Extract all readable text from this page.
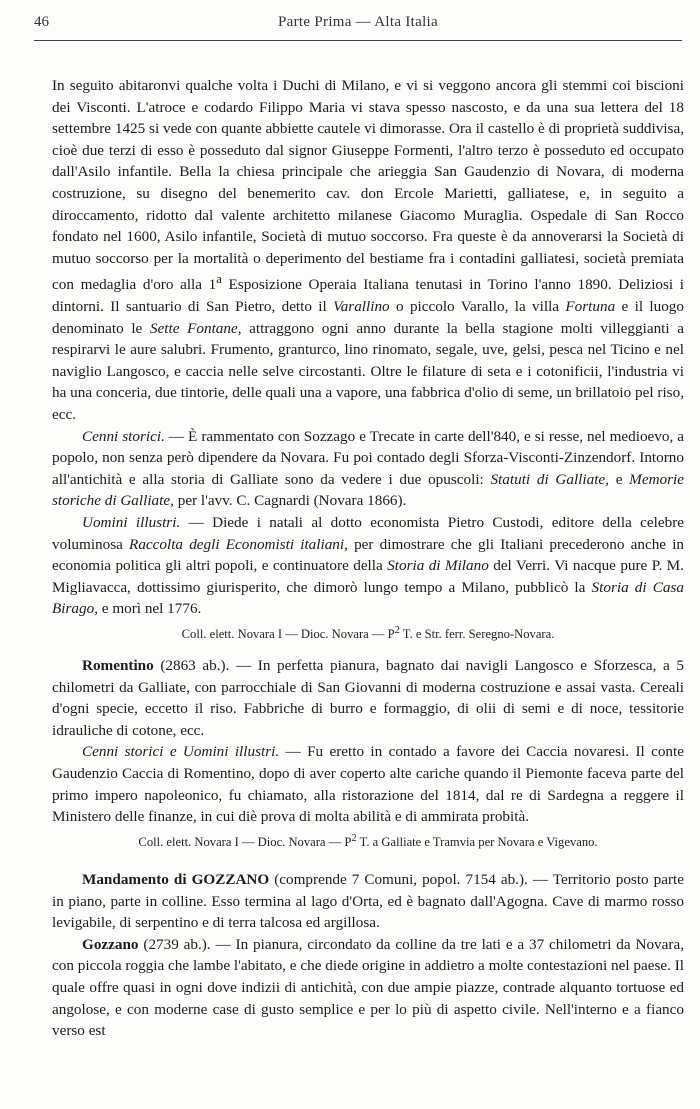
46	Parte Prima — Alta Italia

In seguito abitaronvi qualche volta i Duchi di Milano, e vi si veggono ancora gli stemmi coi biscioni dei Visconti. L'atroce e codardo Filippo Maria vi stava spesso nascosto, e da una sua lettera del 18 settembre 1425 si vede con quante abbiette cautele vi dimorasse. Ora il castello è di proprietà suddivisa, cioè due terzi di esso è posseduto dal signor Giuseppe Formenti, l'altro terzo è posseduto ed occupato dall'Asilo infantile. Bella la chiesa principale che arieggia San Gaudenzio di Novara, di moderna costruzione, su disegno del benemerito cav. don Ercole Marietti, galliatese, e, in seguito a diroccamento, ridotto dal valente architetto milanese Giacomo Muraglia. Ospedale di San Rocco fondato nel 1600, Asilo infantile, Società di mutuo soccorso. Fra queste è da annoverarsi la Società di mutuo soccorso per la mortalità o deperimento del bestiame fra i contadini galliatesi, società premiata con medaglia d'oro alla 1$^a$ Esposizione Operaia Italiana tenutasi in Torino l'anno 1890. Deliziosi i dintorni. Il santuario di San Pietro, detto il Varallino o piccolo Varallo, la villa Fortuna e il luogo denominato le Sette Fontane, attraggono ogni anno durante la bella stagione molti villeggianti a respirarvi le aure salubri. Frumento, granturco, lino rinomato, segale, uve, gelsi, pesca nel Ticino e nel naviglio Langosco, e caccia nelle selve circostanti. Oltre le filature di seta e i cotonificii, l'industria vi ha una conceria, due tintorie, delle quali una a vapore, una fabbrica d'olio di seme, un brillatoio pel riso, ecc.

Cenni storici. — È rammentato con Sozzago e Trecate in carte dell'840, e si resse, nel medioevo, a popolo, non senza però dipendere da Novara. Fu poi contado degli Sforza-Visconti-Zinzendorf. Intorno all'antichità e alla storia di Galliate sono da vedere i due opuscoli: Statuti di Galliate, e Memorie storiche di Galliate, per l'avv. C. Cagnardi (Novara 1866).

Uomini illustri. — Diede i natali al dotto economista Pietro Custodi, editore della celebre voluminosa Raccolta degli Economisti italiani, per dimostrare che gli Italiani precederono anche in economia politica gli altri popoli, e continuatore della Storia di Milano del Verri. Vi nacque pure P. M. Migliavacca, dottissimo giurisperito, che dimorò lungo tempo a Milano, pubblicò la Storia di Casa Birago, e morì nel 1776.

Coll. elett. Novara I — Dioc. Novara — $P^2$ T. e Str. ferr. Seregno-Novara.

Romentino (2863 ab.). — In perfetta pianura, bagnato dai navigli Langosco e Sforzesca, a 5 chilometri da Galliate, con parrocchiale di San Giovanni di moderna costruzione e assai vasta. Cereali d'ogni specie, eccetto il riso. Fabbriche di burro e formaggio, di olii di semi e di noce, tessitorie idrauliche di cotone, ecc.

Cenni storici e Uomini illustri. — Fu eretto in contado a favore dei Caccia novaresi. Il conte Gaudenzio Caccia di Romentino, dopo di aver coperto alte cariche quando il Piemonte faceva parte del primo impero napoleonico, fu chiamato, alla ristorazione del 1814, dal re di Sardegna a reggere il Ministero delle finanze, in cui diè prova di molta abilità e di ammirata probità.

Coll. elett. Novara I — Dioc. Novara — $P^2$ T. a Galliate e Tramvia per Novara e Vigevano.

Mandamento di GOZZANO (comprende 7 Comuni, popol. 7154 ab.). — Territorio posto parte in piano, parte in colline. Esso termina al lago d'Orta, ed è bagnato dall'Agogna. Cave di marmo rosso levigabile, di serpentino e di terra talcosa ed argillosa.

Gozzano (2739 ab.). — In pianura, circondato da colline da tre lati e a 37 chilometri da Novara, con piccola roggia che lambe l'abitato, e che diede origine in addietro a molte contestazioni nel paese. Il quale offre quasi in ogni dove indizii di antichità, con due ampie piazze, contrade alquanto tortuose ed angolose, e con moderne case di gusto semplice e per lo più di aspetto civile. Nell'interno e a fianco verso est
